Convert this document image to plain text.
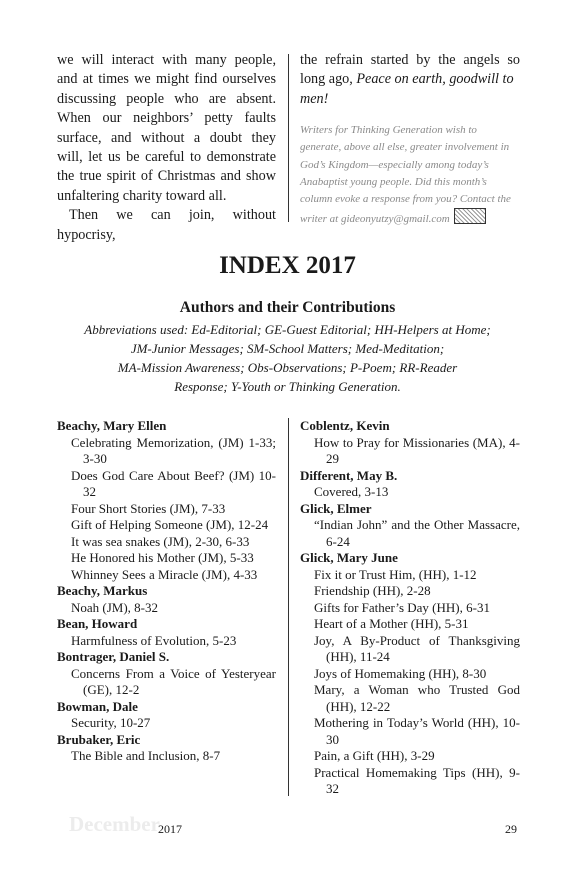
we will interact with many people,

and at times we might find ourselves

discussing people who are absent.

When our neighbors’ petty faults

surface, and without a doubt they

will, let us be careful to demonstrate

the true spirit of Christmas and show

unfaltering charity toward all.

Then we can join, without hypocrisy,

the refrain started by the angels so

long ago, Peace on earth, goodwill to

men!

Writers for Thinking Generation wish to generate, above all else, greater involvement in God’s Kingdom—especially among today’s Anabaptist young people. Did this month’s column evoke a response from you? Contact the writer at gideonyutzy@gmail.com
INDEX 2017
Authors and their Contributions
Abbreviations used: Ed-Editorial; GE-Guest Editorial; HH-Helpers at Home;
JM-Junior Messages; SM-School Matters; Med-Meditation;
MA-Mission Awareness; Obs-Observations; P-Poem; RR-Reader
Response; Y-Youth or Thinking Generation.
Beachy, Mary Ellen
Celebrating Memorization, (JM) 1-33; 3-30
Does God Care About Beef? (JM) 10-32
Four Short Stories (JM), 7-33
Gift of Helping Someone (JM), 12-24
It was sea snakes (JM), 2-30, 6-33
He Honored his Mother (JM), 5-33
Whinney Sees a Miracle (JM), 4-33
Beachy, Markus
Noah (JM), 8-32
Bean, Howard
Harmfulness of Evolution, 5-23
Bontrager, Daniel S.
Concerns From a Voice of Yesteryear (GE), 12-2
Bowman, Dale
Security, 10-27
Brubaker, Eric
The Bible and Inclusion, 8-7
Coblentz, Kevin
How to Pray for Missionaries (MA), 4-29
Different, May B.
Covered, 3-13
Glick, Elmer
“Indian John” and the Other Massacre, 6-24
Glick, Mary June
Fix it or Trust Him, (HH), 1-12
Friendship (HH), 2-28
Gifts for Father’s Day (HH), 6-31
Heart of a Mother (HH), 5-31
Joy, A By-Product of Thanksgiving (HH), 11-24
Joys of Homemaking (HH), 8-30
Mary, a Woman who Trusted God (HH), 12-22
Mothering in Today’s World (HH), 10-30
Pain, a Gift (HH), 3-29
Practical Homemaking Tips (HH), 9-32
December
2017	29
